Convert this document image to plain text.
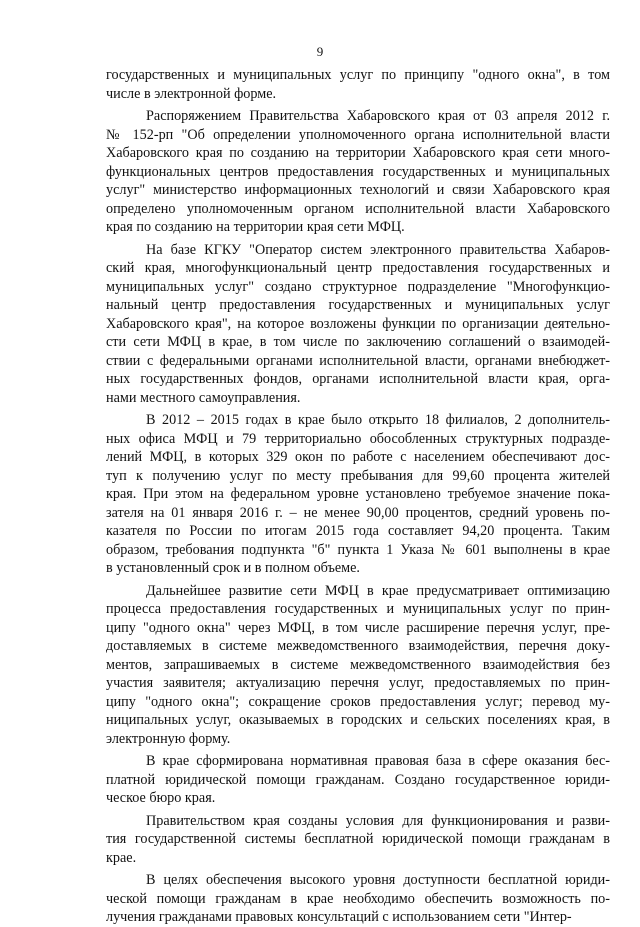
9
государственных и муниципальных услуг по принципу "одного окна", в том
числе в электронной форме.
Распоряжением Правительства Хабаровского края от 03 апреля 2012 г.
№ 152-рп "Об определении уполномоченного органа исполнительной власти
Хабаровского края по созданию на территории Хабаровского края сети много-
функциональных центров предоставления государственных и муниципальных
услуг" министерство информационных технологий и связи Хабаровского края
определено уполномоченным органом исполнительной власти Хабаровского
края по созданию на территории края сети МФЦ.
На базе КГКУ "Оператор систем электронного правительства Хабаров-
ский края, многофункциональный центр предоставления государственных и
муниципальных услуг" создано структурное подразделение "Многофункцио-
нальный центр предоставления государственных и муниципальных услуг
Хабаровского края", на которое возложены функции по организации деятельно-
сти сети МФЦ в крае, в том числе по заключению соглашений о взаимодей-
ствии с федеральными органами исполнительной власти, органами внебюджет-
ных государственных фондов, органами исполнительной власти края, орга-
нами местного самоуправления.
В 2012 – 2015 годах в крае было открыто 18 филиалов, 2 дополнитель-
ных офиса МФЦ и 79 территориально обособленных структурных подразде-
лений МФЦ, в которых 329 окон по работе с населением обеспечивают дос-
туп к получению услуг по месту пребывания для 99,60 процента жителей
края. При этом на федеральном уровне установлено требуемое значение пока-
зателя на 01 января 2016 г. – не менее 90,00 процентов, средний уровень по-
казателя по России по итогам 2015 года составляет 94,20 процента. Таким
образом, требования подпункта "б" пункта 1 Указа № 601 выполнены в крае
в установленный срок и в полном объеме.
Дальнейшее развитие сети МФЦ в крае предусматривает оптимизацию
процесса предоставления государственных и муниципальных услуг по прин-
ципу "одного окна" через МФЦ, в том числе расширение перечня услуг, пре-
доставляемых в системе межведомственного взаимодействия, перечня доку-
ментов, запрашиваемых в системе межведомственного взаимодействия без
участия заявителя; актуализацию перечня услуг, предоставляемых по прин-
ципу "одного окна"; сокращение сроков предоставления услуг; перевод му-
ниципальных услуг, оказываемых в городских и сельских поселениях края, в
электронную форму.
В крае сформирована нормативная правовая база в сфере оказания бес-
платной юридической помощи гражданам. Создано государственное юриди-
ческое бюро края.
Правительством края созданы условия для функционирования и разви-
тия государственной системы бесплатной юридической помощи гражданам в
крае.
В целях обеспечения высокого уровня доступности бесплатной юриди-
ческой помощи гражданам в крае необходимо обеспечить возможность по-
лучения гражданами правовых консультаций с использованием сети "Интер-
